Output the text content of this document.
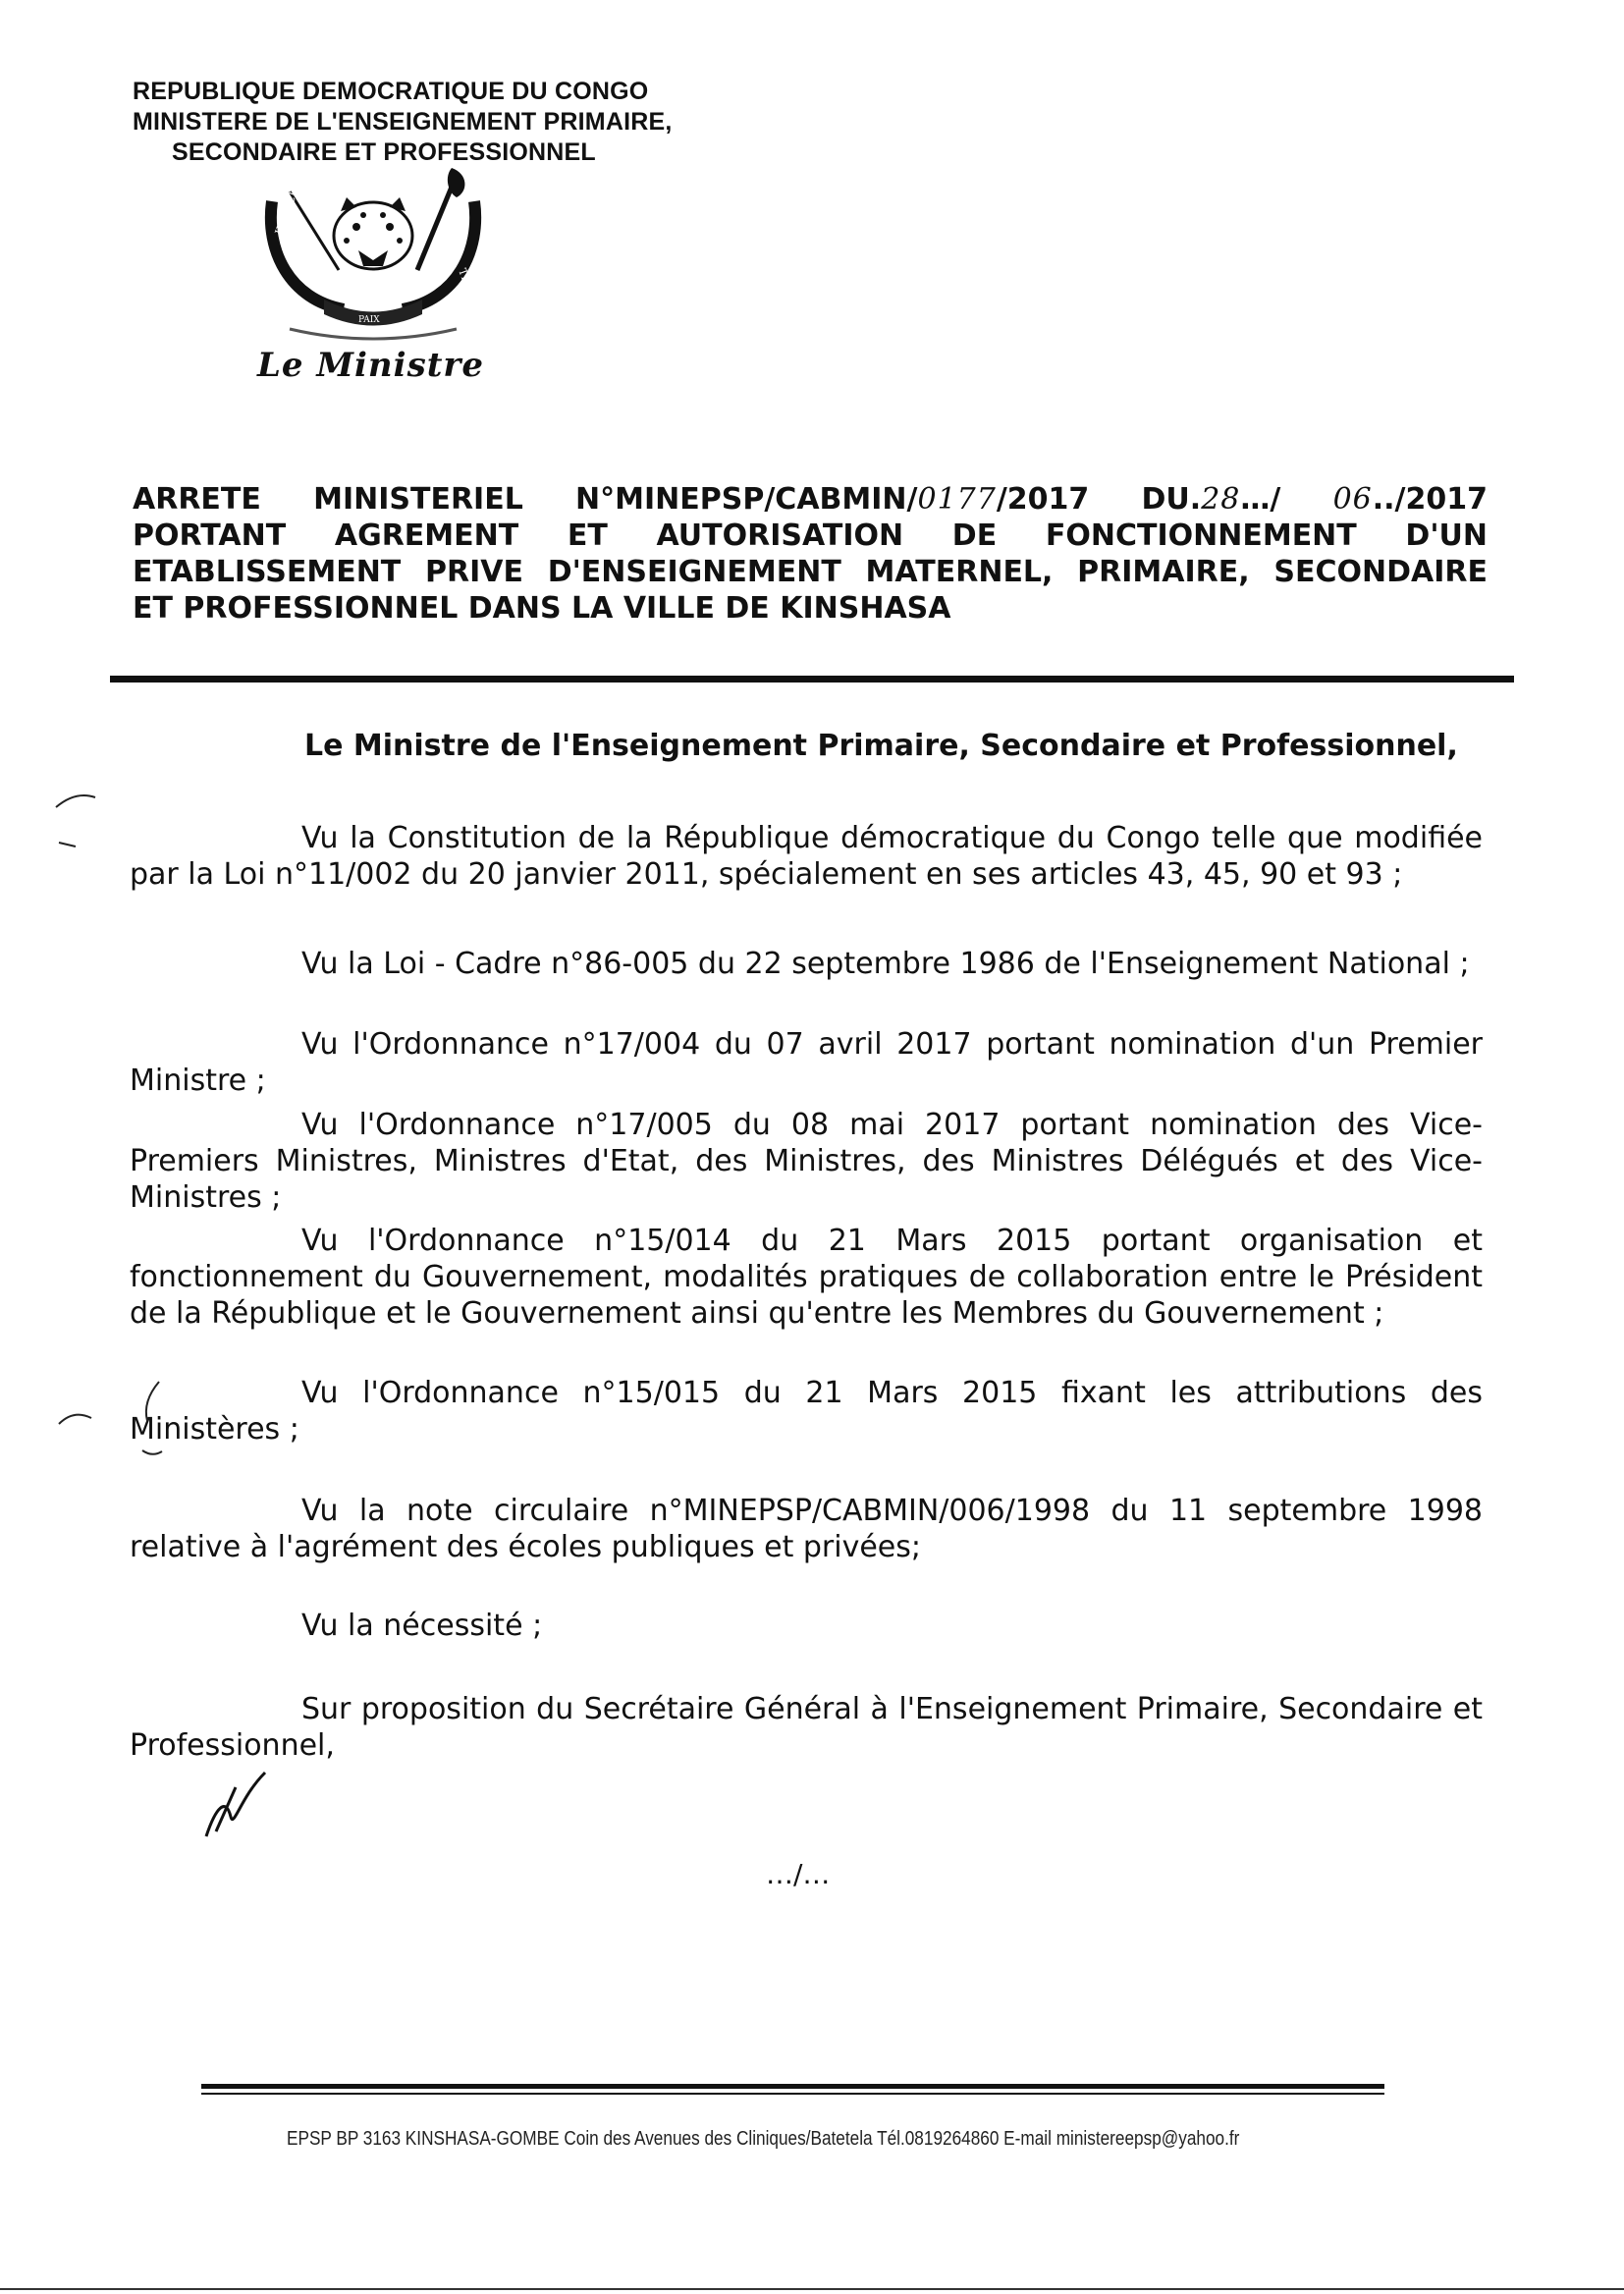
REPUBLIQUE DEMOCRATIQUE DU CONGO
MINISTERE DE L'ENSEIGNEMENT PRIMAIRE,
SECONDAIRE ET PROFESSIONNEL
JUSTICE
PAIX
TRAVAIL
Le Ministre
ARRETE MINISTERIEL N°MINEPSP/CABMIN/0177/2017 DU.28…/ 06../2017
PORTANT AGREMENT ET AUTORISATION DE FONCTIONNEMENT D'UN
ETABLISSEMENT PRIVE D'ENSEIGNEMENT MATERNEL, PRIMAIRE, SECONDAIRE
ET PROFESSIONNEL DANS LA VILLE DE KINSHASA
Le Ministre de l'Enseignement Primaire, Secondaire et Professionnel,
Vu la Constitution de la République démocratique du Congo telle que modifiée par la Loi n°11/002 du 20 janvier 2011, spécialement en ses articles 43, 45, 90 et 93 ;
Vu la Loi - Cadre n°86-005 du 22 septembre 1986 de l'Enseignement National ;
Vu l'Ordonnance n°17/004 du 07 avril 2017 portant nomination d'un Premier Ministre ;
Vu l'Ordonnance n°17/005 du 08 mai 2017 portant nomination des Vice-Premiers Ministres, Ministres d'Etat, des Ministres, des Ministres Délégués et des Vice-Ministres ;
Vu l'Ordonnance n°15/014 du 21 Mars 2015 portant organisation et fonctionnement du Gouvernement, modalités pratiques de collaboration entre le Président de la République et le Gouvernement ainsi qu'entre les Membres du Gouvernement ;
Vu l'Ordonnance n°15/015 du 21 Mars 2015 fixant les attributions des Ministères ;
Vu la note circulaire n°MINEPSP/CABMIN/006/1998 du 11 septembre 1998 relative à l'agrément des écoles publiques et privées;
Vu la nécessité ;
Sur proposition du Secrétaire Général à l'Enseignement Primaire, Secondaire et Professionnel,
…/…
EPSP BP 3163 KINSHASA-GOMBE Coin des Avenues des Cliniques/Batetela Tél.0819264860 E-mail ministereepsp@yahoo.fr
